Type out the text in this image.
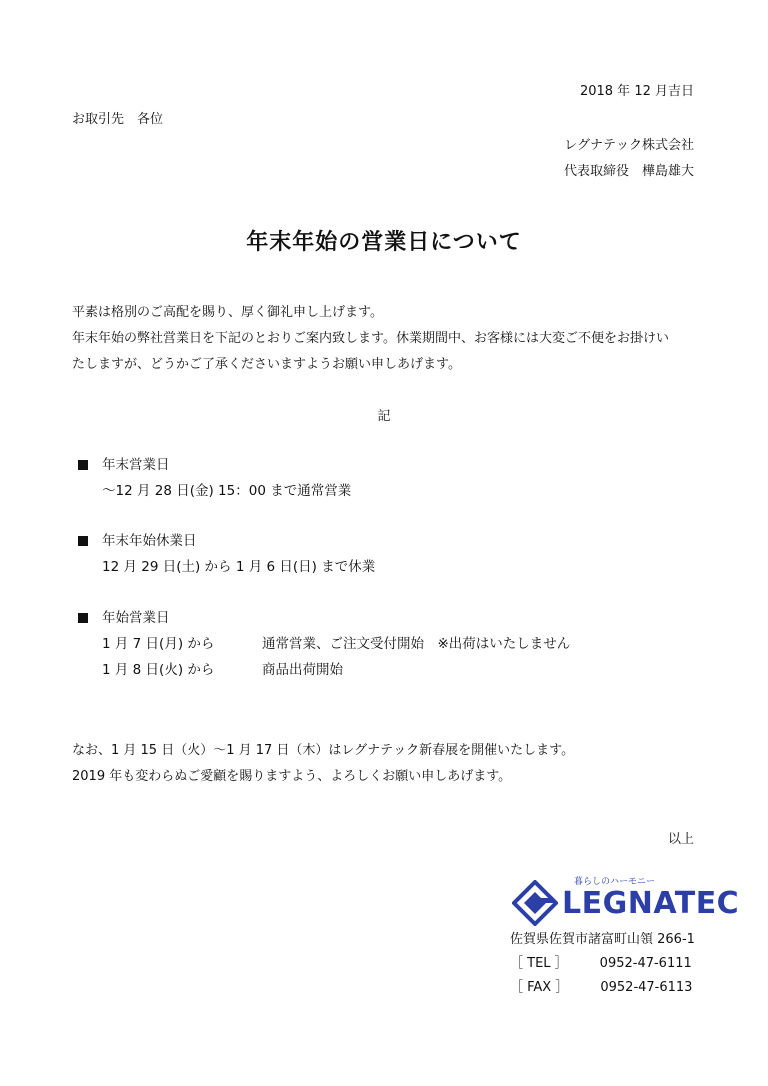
2018 年 12 月吉日
お取引先　各位
レグナテック株式会社
代表取締役　樺島雄大
年末年始の営業日について
平素は格別のご高配を賜り、厚く御礼申し上げます。
年末年始の弊社営業日を下記のとおりご案内致します。休業期間中、お客様には大変ご不便をお掛けい
たしますが、どうかご了承くださいますようお願い申しあげます。
記
年末営業日
～12 月 28 日(金) 15：00 まで通常営業
年末年始休業日
12 月 29 日(土) から 1 月 6 日(日) まで休業
年始営業日
1 月 7 日(月) から	通常営業、ご注文受付開始　※出荷はいたしません
1 月 8 日(火) から	商品出荷開始
なお、1 月 15 日（火）～1 月 17 日（木）はレグナテック新春展を開催いたします。
2019 年も変わらぬご愛顧を賜りますよう、よろしくお願い申しあげます。
以上
暮らしのハーモニー
LEGNATEC
佐賀県佐賀市諸富町山領 266-1
［ TEL ］ 0952-47-6111
［ FAX ］ 0952-47-6113
